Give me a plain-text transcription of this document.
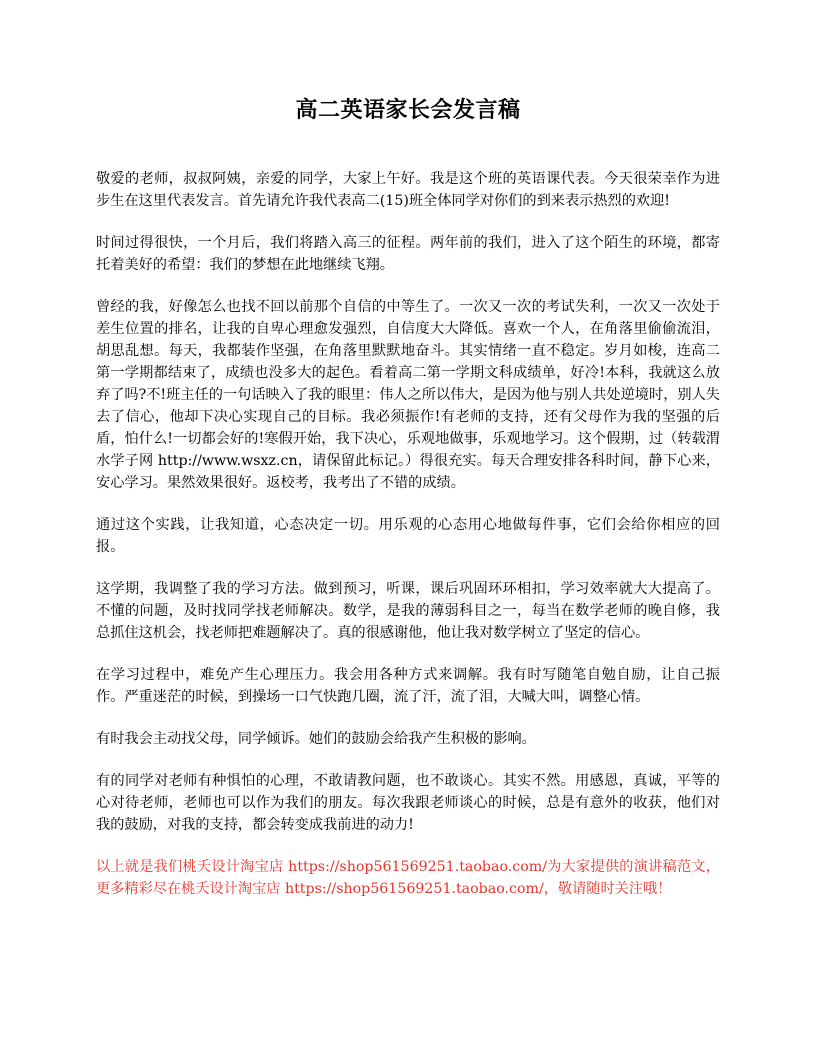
高二英语家长会发言稿

敬爱的老师，叔叔阿姨，亲爱的同学，大家上午好。我是这个班的英语课代表。今天很荣幸作为进步生在这里代表发言。首先请允许我代表高二(15)班全体同学对你们的到来表示热烈的欢迎!

时间过得很快，一个月后，我们将踏入高三的征程。两年前的我们，进入了这个陌生的环境，都寄托着美好的希望：我们的梦想在此地继续飞翔。

曾经的我，好像怎么也找不回以前那个自信的中等生了。一次又一次的考试失利，一次又一次处于差生位置的排名，让我的自卑心理愈发强烈，自信度大大降低。喜欢一个人，在角落里偷偷流泪，胡思乱想。每天，我都装作坚强，在角落里默默地奋斗。其实情绪一直不稳定。岁月如梭，连高二第一学期都结束了，成绩也没多大的起色。看着高二第一学期文科成绩单，好冷!本科，我就这么放弃了吗?不!班主任的一句话映入了我的眼里：伟人之所以伟大，是因为他与别人共处逆境时，别人失去了信心，他却下决心实现自己的目标。我必须振作!有老师的支持，还有父母作为我的坚强的后盾，怕什么!一切都会好的!寒假开始，我下决心，乐观地做事，乐观地学习。这个假期，过（转载渭水学子网 http://www.wsxz.cn，请保留此标记。）得很充实。每天合理安排各科时间，静下心来，安心学习。果然效果很好。返校考，我考出了不错的成绩。

通过这个实践，让我知道，心态决定一切。用乐观的心态用心地做每件事，它们会给你相应的回报。

这学期，我调整了我的学习方法。做到预习，听课，课后巩固环环相扣，学习效率就大大提高了。不懂的问题，及时找同学找老师解决。数学，是我的薄弱科目之一，每当在数学老师的晚自修，我总抓住这机会，找老师把难题解决了。真的很感谢他，他让我对数学树立了坚定的信心。

在学习过程中，难免产生心理压力。我会用各种方式来调解。我有时写随笔自勉自励，让自己振作。严重迷茫的时候，到操场一口气快跑几圈，流了汗，流了泪，大喊大叫，调整心情。

有时我会主动找父母，同学倾诉。她们的鼓励会给我产生积极的影响。

有的同学对老师有种惧怕的心理，不敢请教问题，也不敢谈心。其实不然。用感恩，真诚，平等的心对待老师，老师也可以作为我们的朋友。每次我跟老师谈心的时候，总是有意外的收获，他们对我的鼓励，对我的支持，都会转变成我前进的动力!

以上就是我们桃夭设计淘宝店 https://shop561569251.taobao.com/为大家提供的演讲稿范文，更多精彩尽在桃夭设计淘宝店 https://shop561569251.taobao.com/，敬请随时关注哦！
